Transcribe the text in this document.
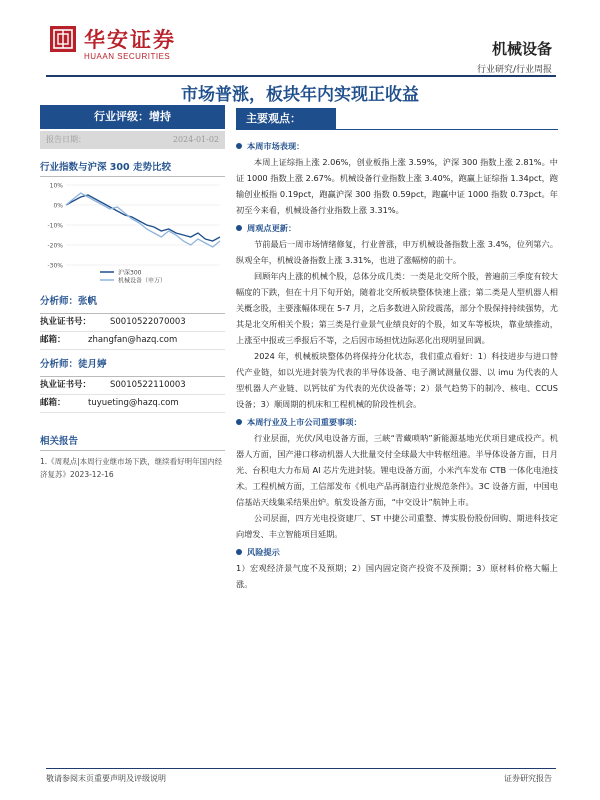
华安证券
HUAAN SECURITIES	机械设备
行业研究/行业周报
市场普涨，板块年内实现正收益
行业评级：增持
报告日期：	2024-01-02
行业指数与沪深 300 走势比较
10%
0%
-10%
-20%
-30%
沪深300
机械设备（申万）
分析师：张帆
执业证书号：	S0010522070003
邮箱：	zhangfan@hazq.com
分析师：徒月婷
执业证书号：	S0010522110003
邮箱：	tuyueting@hazq.com
相关报告
1.《周观点|本周行业继市场下跌，继续看好明年国内经济复苏》2023-12-16
主要观点：
本周市场表现：

本周上证综指上涨 2.06%，创业板指上涨 3.59%，沪深 300 指数上涨 2.81%。中证 1000 指数上涨 2.67%。机械设备行业指数上涨 3.40%，跑赢上证综指 1.34pct，跑输创业板指 0.19pct，跑赢沪深 300 指数 0.59pct，跑赢中证 1000 指数 0.73pct。年初至今来看，机械设备行业指数上涨 3.31%。

周观点更新：

节前最后一周市场情绪修复，行业普涨，申万机械设备指数上涨 3.4%，位列第六。纵观全年，机械设备指数上涨 3.31%，也进了涨幅榜的前十。

回顾年内上涨的机械个股，总体分成几类：一类是北交所个股，普遍前三季度有较大幅度的下跌，但在十月下旬开始，随着北交所板块整体快速上涨；第二类是人型机器人相关概念股，主要涨幅体现在 5-7 月，之后多数进入阶段震荡，部分个股保持持续强势，尤其是北交所相关个股；第三类是行业景气业绩良好的个股，如叉车等板块，靠业绩推动，上涨至中报或三季报后不等，之后因市场担忧边际恶化出现明显回调。

2024 年，机械板块整体仍将保持分化状态，我们重点看好：1）科技进步与进口替代产业链，如以光进封装为代表的半导体设备、电子测试测量仪器、以 imu 为代表的人型机器人产业链、以钙钛矿为代表的光伏设备等；2）景气趋势下的制冷、核电、CCUS 设备；3）顺周期的机床和工程机械的阶段性机会。

本周行业及上市公司重要事项：

行业层面，光伏/风电设备方面，三峡“青藏唢呐”新能源基地光伏项目建成投产。机器人方面，国产港口移动机器人大批量交付全球最大中转枢纽港。半导体设备方面，日月光、台积电大力布局 AI 芯片先进封装。锂电设备方面，小米汽车发布 CTB 一体化电池技术。工程机械方面，工信部发布《机电产品再制造行业规范条件》。3C 设备方面，中国电信基站天线集采结果出炉。航发设备方面，“中交设计”航钟上市。

公司层面，四方光电投资建厂、ST 中捷公司重整、博实股份股份回购、期进科技定向增发、丰立智能项目延期。

风险提示

1）宏观经济景气度不及预期；2）国内固定资产投资不及预期；3）原材料价格大幅上涨。

敬请参阅末页重要声明及评级说明	证券研究报告
